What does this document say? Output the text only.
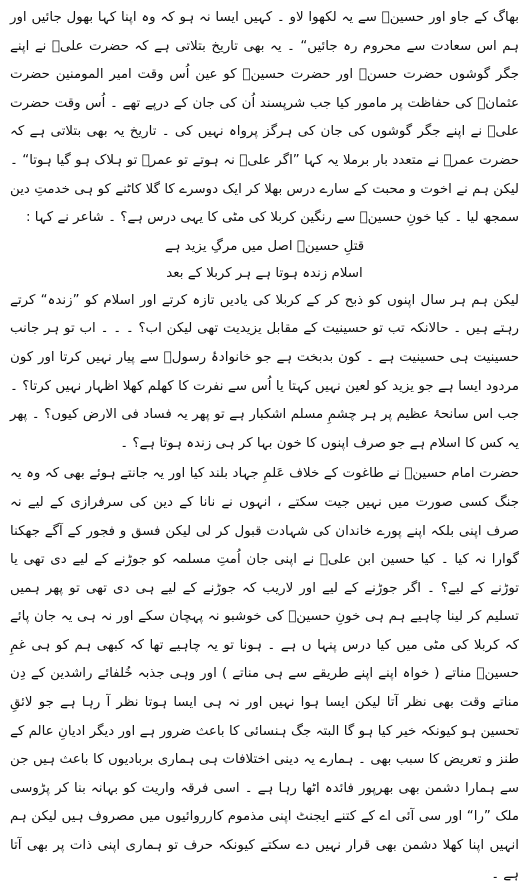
بھاگ کے جاو اور حسینؓ سے یہ لکھوا لاو ۔ کہیں ایسا نہ ہو کہ وہ اپنا کہا بھول جائیں اور ہم اس سعادت سے محروم رہ جائیں“ ۔ یہ بھی تاریخ بتلاتی ہے کہ حضرت علیؓ نے اپنے جگر گوشوں حضرت حسنؓ اور حضرت حسینؓ کو عین اُس وقت امیر المومنین حضرت عثمانؓ کی حفاظت پر مامور کیا جب شرپسند اُن کی جان کے درپے تھے ۔ اُس وقت حضرت علیؓ نے اپنے جگر گوشوں کی جان کی ہرگز پرواہ نہیں کی ۔ تاریخ یہ بھی بتلاتی ہے کہ حضرت عمرؓ نے متعدد بار برملا یہ کہا ”اگر علیؓ نہ ہوتے تو عمرؓ تو ہلاک ہو گیا ہوتا“ ۔ لیکن ہم نے اخوت و محبت کے سارے درس بھلا کر ایک دوسرے کا گلا کاٹنے کو ہی خدمتِ دین سمجھ لیا ۔ کیا خونِ حسینؓ سے رنگین کربلا کی مٹی کا یہی درس ہے؟ ۔ شاعر نے کہا :

قتلِ حسینؓ اصل میں مرگِ یزید ہے

اسلام زندہ ہوتا ہے ہر کربلا کے بعد

لیکن ہم ہر سال اپنوں کو ذبح کر کے کربلا کی یادیں تازہ کرتے اور اسلام کو ”زندہ“ کرتے رہتے ہیں ۔ حالانکہ تب تو حسینیت کے مقابل یزیدیت تھی لیکن اب؟ ۔ ۔ ۔ اب تو ہر جانب حسینیت ہی حسینیت ہے ۔ کون بدبخت ہے جو خانوادۂ رسولؐ سے پیار نہیں کرتا اور کون مردود ایسا ہے جو یزید کو لعین نہیں کہتا یا اُس سے نفرت کا کھلم کھلا اظہار نہیں کرتا؟ ۔ جب اس سانحۂ عظیم پر ہر چشمِ مسلم اشکبار ہے تو پھر یہ فساد فی الارض کیوں؟ ۔ پھر یہ کس کا اسلام ہے جو صرف اپنوں کا خون بہا کر ہی زندہ ہوتا ہے؟ ۔

حضرت امام حسینؓ نے طاغوت کے خلاف عَلمِ جہاد بلند کیا اور یہ جانتے ہوئے بھی کہ وہ یہ جنگ کسی صورت میں نہیں جیت سکتے ، انہوں نے نانا کے دین کی سرفرازی کے لیے نہ صرف اپنی بلکہ اپنے پورے خاندان کی شہادت قبول کر لی لیکن فسق و فجور کے آگے جھکنا گوارا نہ کیا ۔ کیا حسین ابن علیؓ نے اپنی جان اُمتِ مسلمہ کو جوڑنے کے لیے دی تھی یا توڑنے کے لیے؟ ۔ اگر جوڑنے کے لیے اور لاریب کہ جوڑنے کے لیے ہی دی تھی تو پھر ہمیں تسلیم کر لینا چاہیے ہم ہی خونِ حسینؓ کی خوشبو نہ پہچان سکے اور نہ ہی یہ جان پائے کہ کربلا کی مٹی میں کیا درس پنہا ں ہے ۔ ہونا تو یہ چاہیے تھا کہ کبھی ہم کو ہی غمِ حسینؓ مناتے ( خواہ اپنے اپنے طریقے سے ہی مناتے ) اور وہی جذبہ خُلفائے راشدین کے دِن مناتے وقت بھی نظر آتا لیکن ایسا ہوا نہیں اور نہ ہی ایسا ہوتا نظر آ رہا ہے جو لائقِ تحسین ہو کیونکہ خیر کیا ہو گا البتہ جگ ہنسائی کا باعث ضرور ہے اور دیگر ادیانِ عالم کے طنز و تعریض کا سبب بھی ۔ ہمارے یہ دینی اختلافات ہی ہماری بربادیوں کا باعث ہیں جن سے ہمارا دشمن بھی بھرپور فائدہ اٹھا رہا ہے ۔ اسی فرقہ واریت کو بہانہ بنا کر پڑوسی ملک ”را“ اور سی آئی اے کے کتنے ایجنٹ اپنی مذموم کارروائیوں میں مصروف ہیں لیکن ہم انہیں اپنا کھلا دشمن بھی قرار نہیں دے سکتے کیونکہ حرف تو ہماری اپنی ذات پر بھی آتا ہے ۔
